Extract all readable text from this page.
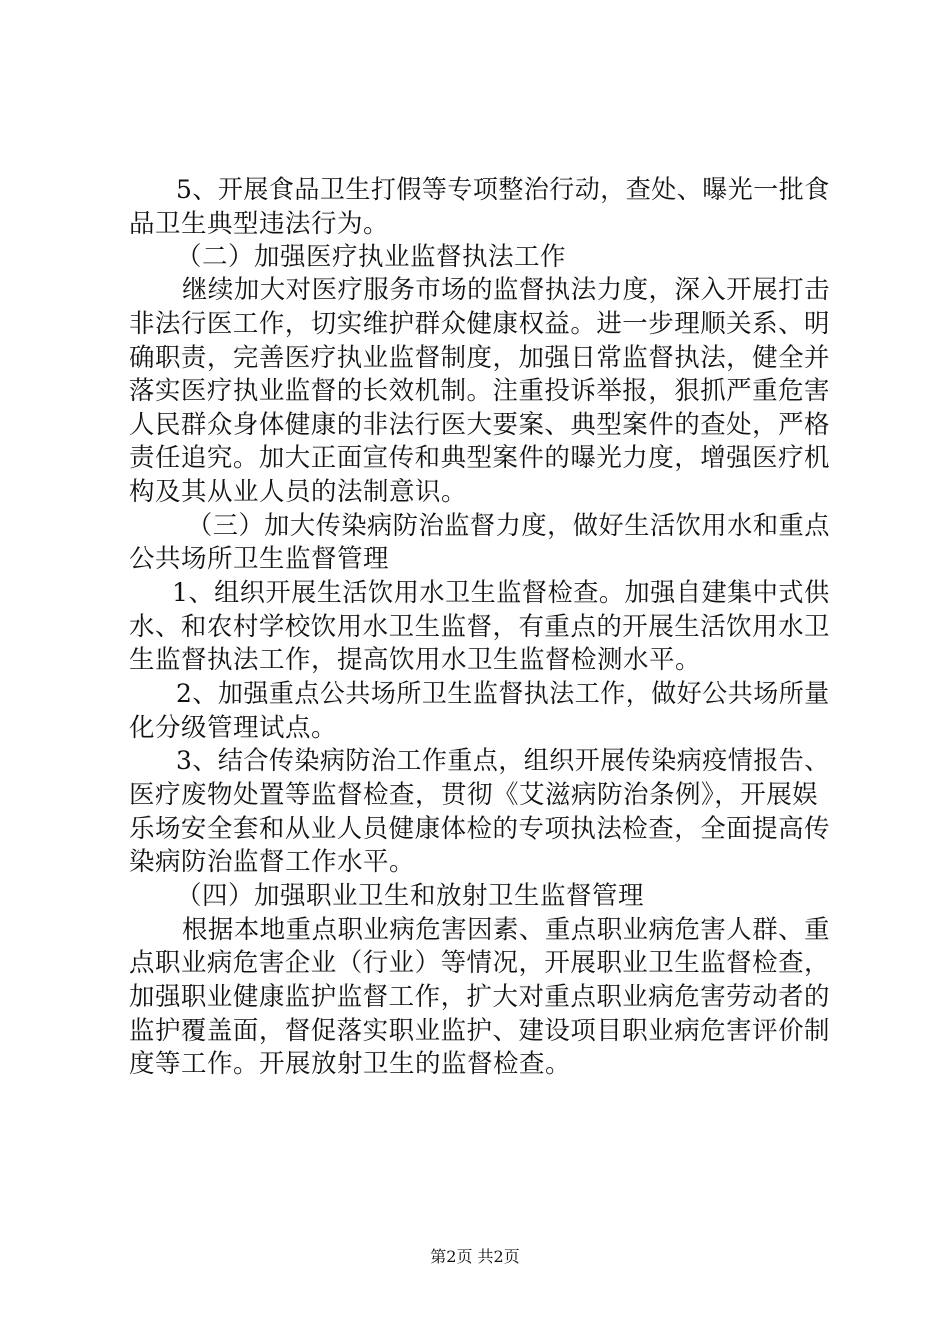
5、开展食品卫生打假等专项整治行动，查处、曝光一批食
品卫生典型违法行为。
（二）加强医疗执业监督执法工作
继续加大对医疗服务市场的监督执法力度，深入开展打击
非法行医工作，切实维护群众健康权益。进一步理顺关系、明
确职责，完善医疗执业监督制度，加强日常监督执法，健全并
落实医疗执业监督的长效机制。注重投诉举报，狠抓严重危害
人民群众身体健康的非法行医大要案、典型案件的查处，严格
责任追究。加大正面宣传和典型案件的曝光力度，增强医疗机
构及其从业人员的法制意识。
（三）加大传染病防治监督力度，做好生活饮用水和重点
公共场所卫生监督管理
1、组织开展生活饮用水卫生监督检查。加强自建集中式供
水、和农村学校饮用水卫生监督，有重点的开展生活饮用水卫
生监督执法工作，提高饮用水卫生监督检测水平。
2、加强重点公共场所卫生监督执法工作，做好公共场所量
化分级管理试点。
3、结合传染病防治工作重点，组织开展传染病疫情报告、
医疗废物处置等监督检查，贯彻《艾滋病防治条例》，开展娱
乐场安全套和从业人员健康体检的专项执法检查，全面提高传
染病防治监督工作水平。
（四）加强职业卫生和放射卫生监督管理
根据本地重点职业病危害因素、重点职业病危害人群、重
点职业病危害企业（行业）等情况，开展职业卫生监督检查，
加强职业健康监护监督工作，扩大对重点职业病危害劳动者的
监护覆盖面，督促落实职业监护、建设项目职业病危害评价制
度等工作。开展放射卫生的监督检查。
第2页 共2页
